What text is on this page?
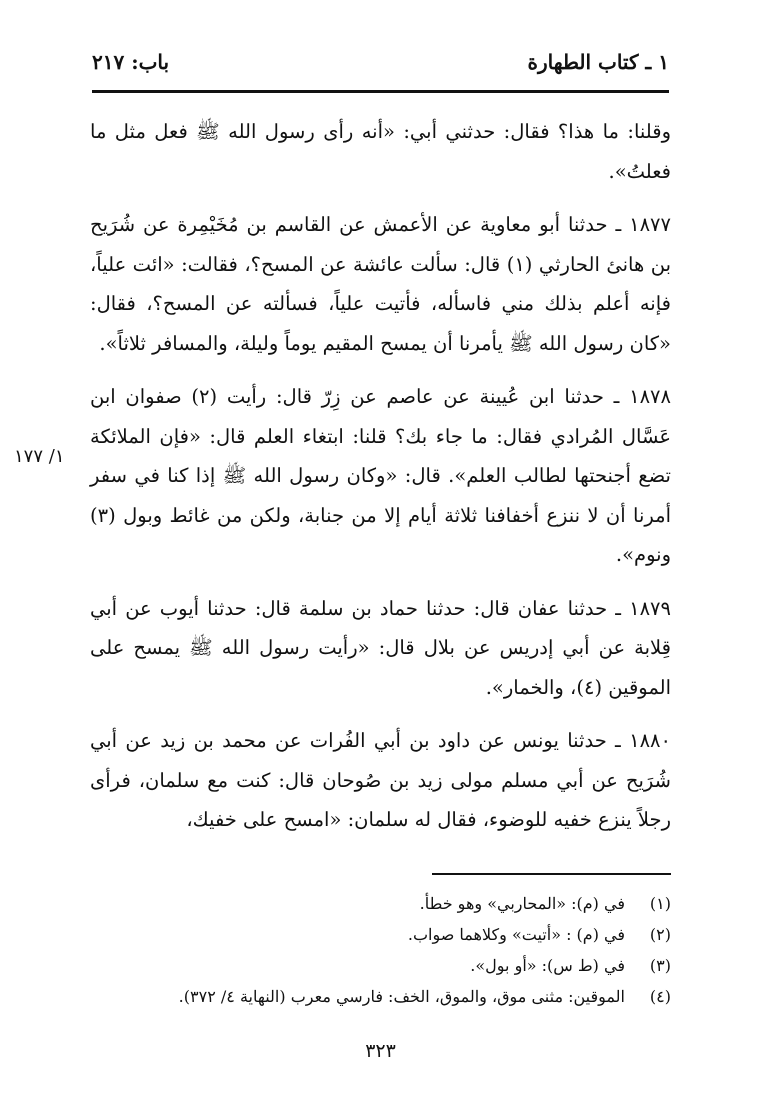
١ ـ كتاب الطهارة
باب: ٢١٧

وقلنا: ما هذا؟ فقال: حدثني أبي: «أنه رأى رسول الله ﷺ فعل مثل ما فعلتُ».

١٨٧٧ ـ حدثنا أبو معاوية عن الأعمش عن القاسم بن مُخَيْمِرة عن شُرَيح بن هانئ الحارثي (١) قال: سألت عائشة عن المسح؟، فقالت: «ائت علياً، فإنه أعلم بذلك مني فاسأله، فأتيت علياً، فسألته عن المسح؟، فقال: «كان رسول الله ﷺ يأمرنا أن يمسح المقيم يوماً وليلة، والمسافر ثلاثاً».

١٨٧٨ ـ حدثنا ابن عُيينة عن عاصم عن زِرّ قال: رأيت (٢) صفوان ابن عَسَّال المُرادي فقال: ما جاء بك؟ قلنا: ابتغاء العلم قال: «فإن الملائكة تضع أجنحتها لطالب العلم». قال: «وكان رسول الله ﷺ إذا كنا في سفر أمرنا أن لا ننزع أخفافنا ثلاثة أيام إلا من جنابة، ولكن من غائط وبول (٣) ونوم».

١٨٧٩ ـ حدثنا عفان قال: حدثنا حماد بن سلمة قال: حدثنا أيوب عن أبي قِلابة عن أبي إدريس عن بلال قال: «رأيت رسول الله ﷺ يمسح على الموقين (٤)، والخمار».

١٨٨٠ ـ حدثنا يونس عن داود بن أبي الفُرات عن محمد بن زيد عن أبي شُرَيح عن أبي مسلم مولى زيد بن صُوحان قال: كنت مع سلمان، فرأى رجلاً ينزع خفيه للوضوء، فقال له سلمان: «امسح على خفيك،

١/ ١٧٧
(١)
في (م): «المحاربي» وهو خطأ.
(٢)
في (م) : «أتيت» وكلاهما صواب.
(٣)
في (ط س): «أو بول».
(٤)
الموقين: مثنى موق، والموق، الخف: فارسي معرب (النهاية ٤/ ٣٧٢).
٣٢٣
